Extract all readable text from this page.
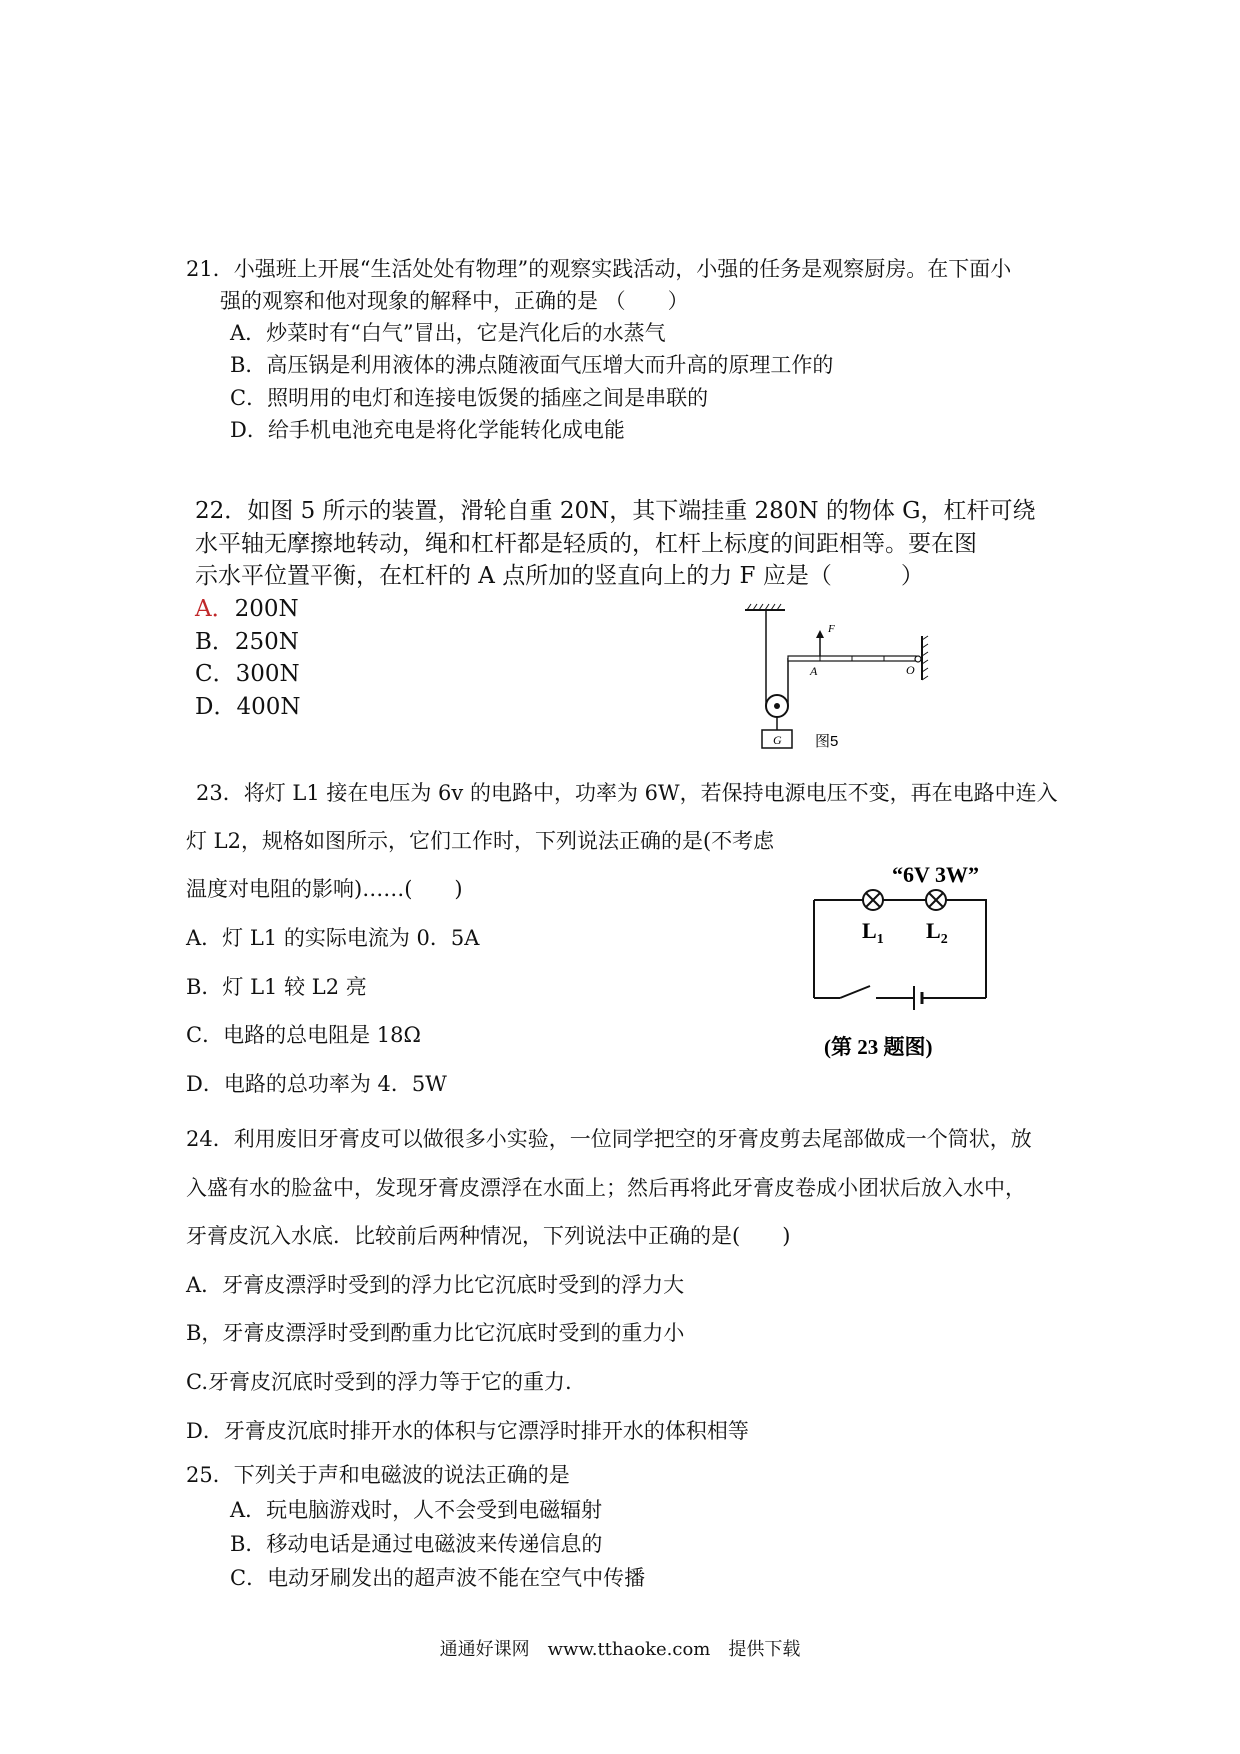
21．小强班上开展“生活处处有物理”的观察实践活动，小强的任务是观察厨房。在下面小
强的观察和他对现象的解释中，正确的是 （　　）
A．炒菜时有“白气”冒出，它是汽化后的水蒸气
B．高压锅是利用液体的沸点随液面气压增大而升高的原理工作的
C．照明用的电灯和连接电饭煲的插座之间是串联的
D．给手机电池充电是将化学能转化成电能
22．如图 5 所示的装置，滑轮自重 20N，其下端挂重 280N 的物体 G，杠杆可绕
水平轴无摩擦地转动，绳和杠杆都是轻质的，杠杆上标度的间距相等。要在图
示水平位置平衡，在杠杆的 A 点所加的竖直向上的力 F 应是（　　　）
A．200N
B．250N
C．300N
D．400N
F
A	O
G 图5
23．将灯 L1 接在电压为 6v 的电路中，功率为 6W，若保持电源电压不变，再在电路中连入
灯 L2，规格如图所示，它们工作时，下列说法正确的是(不考虑
温度对电阻的影响)……(　　)
A．灯 L1 的实际电流为 0．5A
B．灯 L1 较 L2 亮
C．电路的总电阻是 18Ω
D．电路的总功率为 4．5W
“6V 3W”
$L_1$ $L_2$
(第 23 题图)
24．利用废旧牙膏皮可以做很多小实验，一位同学把空的牙膏皮剪去尾部做成一个筒状，放
入盛有水的脸盆中，发现牙膏皮漂浮在水面上；然后再将此牙膏皮卷成小团状后放入水中，
牙膏皮沉入水底．比较前后两种情况，下列说法中正确的是(　　)
A．牙膏皮漂浮时受到的浮力比它沉底时受到的浮力大
B，牙膏皮漂浮时受到酌重力比它沉底时受到的重力小
C.牙膏皮沉底时受到的浮力等于它的重力.
D．牙膏皮沉底时排开水的体积与它漂浮时排开水的体积相等
25．下列关于声和电磁波的说法正确的是
A．玩电脑游戏时，人不会受到电磁辐射
B．移动电话是通过电磁波来传递信息的
C．电动牙刷发出的超声波不能在空气中传播
通通好课网　www.tthaoke.com　提供下载
